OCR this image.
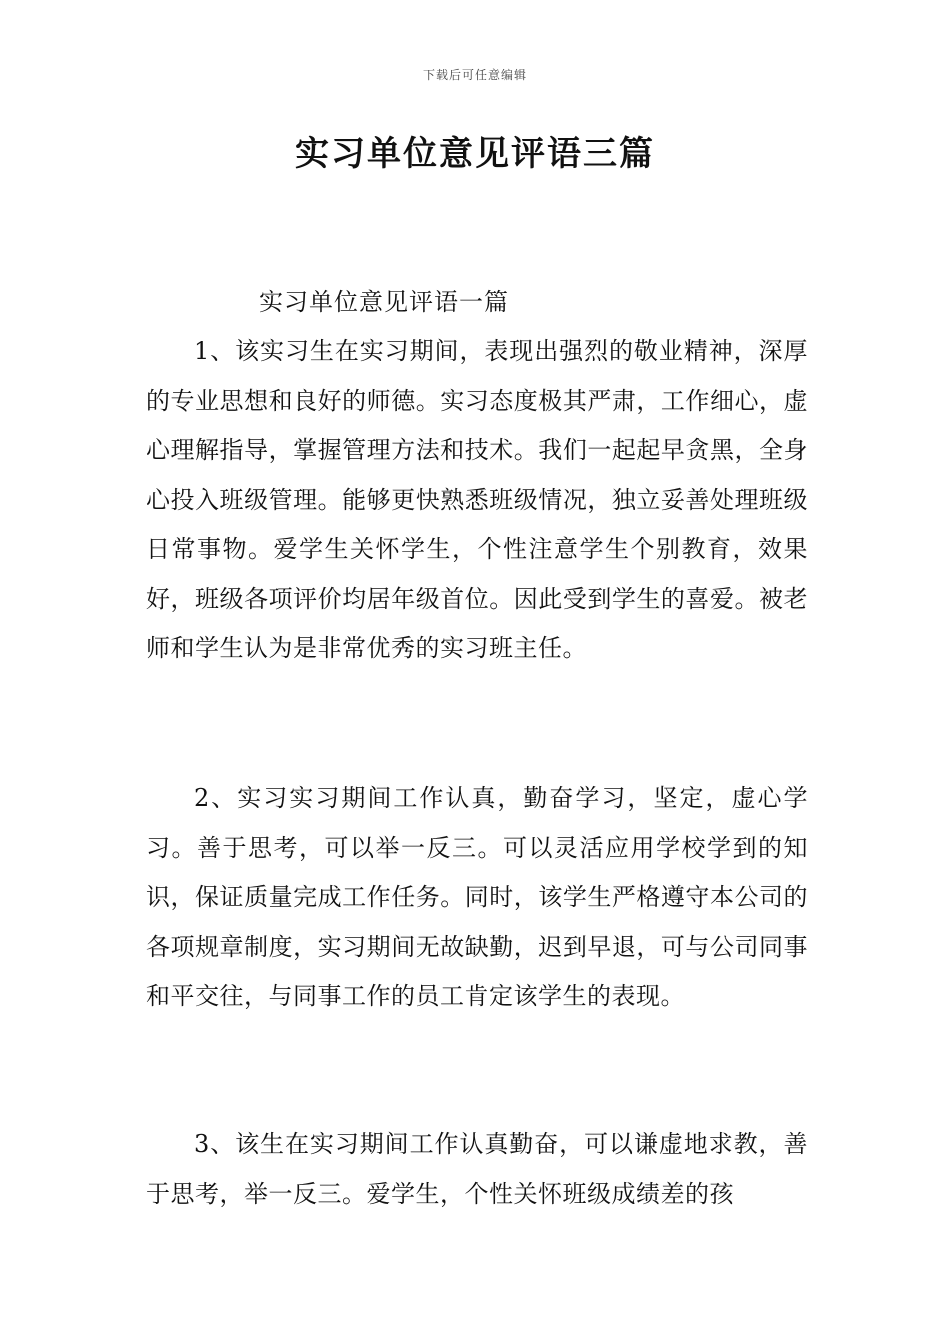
下载后可任意编辑
实习单位意见评语三篇
实习单位意见评语一篇

1、该实习生在实习期间，表现出强烈的敬业精神，深厚的专业思想和良好的师德。实习态度极其严肃，工作细心，虚心理解指导，掌握管理方法和技术。我们一起起早贪黑，全身心投入班级管理。能够更快熟悉班级情况，独立妥善处理班级日常事物。爱学生关怀学生，个性注意学生个别教育，效果好，班级各项评价均居年级首位。因此受到学生的喜爱。被老师和学生认为是非常优秀的实习班主任。

2、实习实习期间工作认真，勤奋学习，坚定，虚心学习。善于思考，可以举一反三。可以灵活应用学校学到的知识，保证质量完成工作任务。同时，该学生严格遵守本公司的各项规章制度，实习期间无故缺勤，迟到早退，可与公司同事和平交往，与同事工作的员工肯定该学生的表现。

3、该生在实习期间工作认真勤奋，可以谦虚地求教，善于思考，举一反三。爱学生，个性关怀班级成绩差的孩
